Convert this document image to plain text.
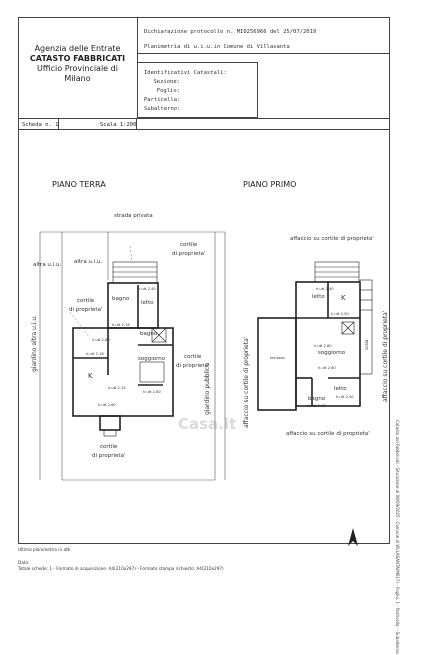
Agenzia delle Entrate
CATASTO FABBRICATI
Ufficio Provinciale di
Milano
Dichiarazione protocollo n. MI0256966 del 25/07/2019
Planimetria di u.i.u.in Comune di Villasanta
Identificativi Catastali:
Sezione:
Foglio:
Particella:
Subalterno:
Scheda n. 1	Scala 1:200
PIANO TERRA
strada privata
altra u.i.u. altra u.i.u.
giardino altra u.i.u.
cortile
di proprieta'
cortile
di proprieta'
cortile
di proprieta'
cortile
di proprieta'
bagno
letto
soggiorno
K
bagno
giardino pubblico
h.utt 2.40
h.utt 2.16
h.utt 2.80
h.utt 2.16
h.utt 2.15
h.utt 2.80
h.utt 2.60
PIANO PRIMO
affaccio su cortile di proprieta'
affaccio su cortile di proprieta'	affaccio su cortile di proprieta'
affaccio su cortile di proprieta'
letto K
soggiorno
letto
bagno
terrazzo
scala
h.utt 2.40
h.utt 2.50
h.utt 2.80
h.utt 2.60
h.utt 2.40
h.utt 2.45
Casa.it	Catasto dei Fabbricati - Situazione al 08/09/2025 - Comune di VILLASANTA(M017) - Foglio: 1 - Particella: - Subalterno:
Ultima planimetria in atti
Data:
Totale schede: 1 - Formato di acquisizione: A4(210x297) - Formato stampa richiesto: A4(210x297)
